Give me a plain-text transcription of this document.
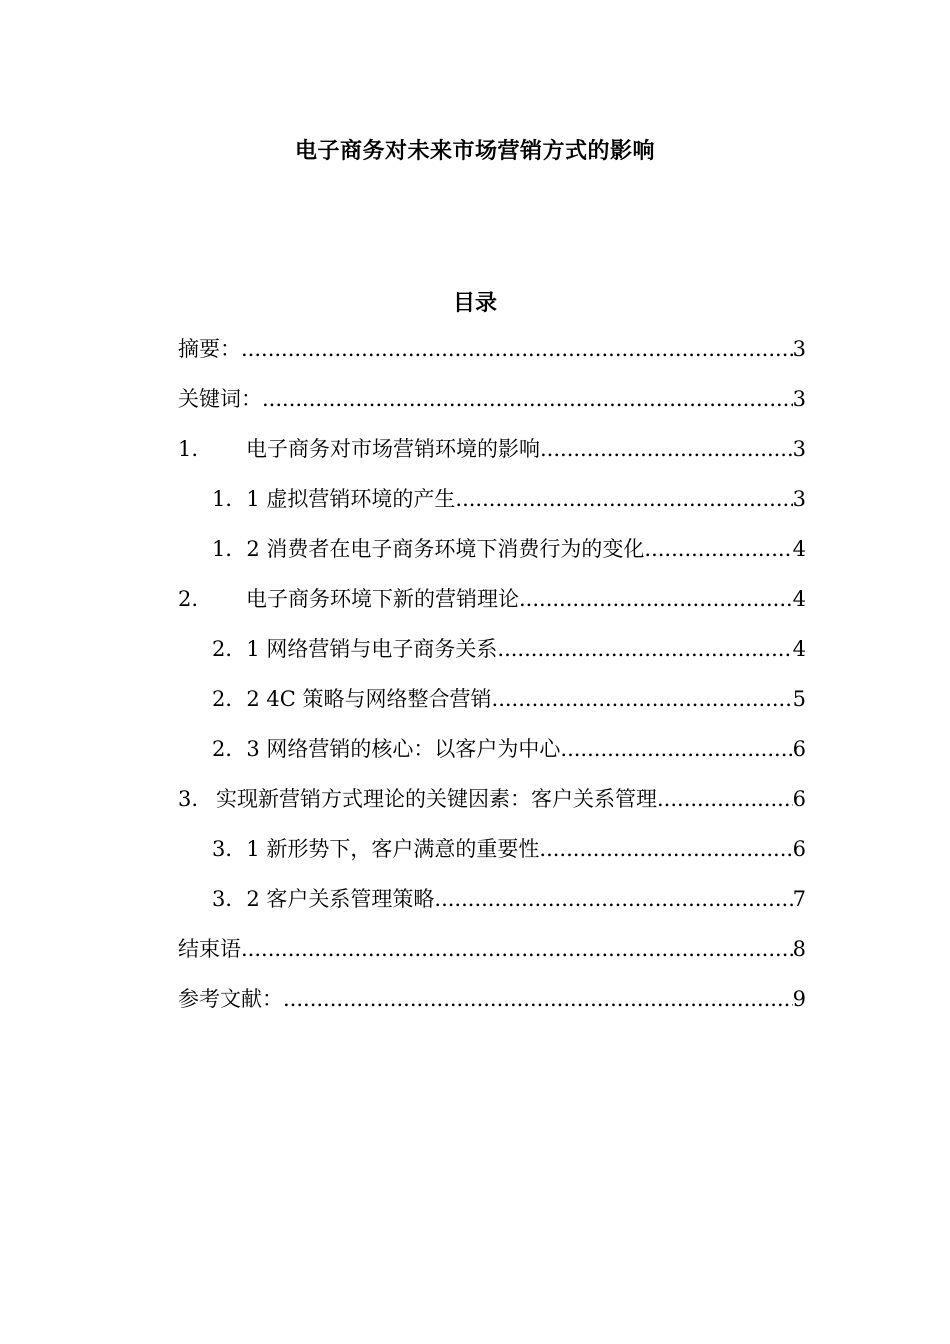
电子商务对未来市场营销方式的影响
目录
摘要： .....	3
关键词： .....	3
1.	电子商务对市场营销环境的影响 .....	3
1．1 虚拟营销环境的产生 .....	3
1．2 消费者在电子商务环境下消费行为的变化 .....	4
2.	电子商务环境下新的营销理论 .....	4
2．1 网络营销与电子商务关系 .....	4
2．2 4C 策略与网络整合营销 .....	5
2．3 网络营销的核心：以客户为中心 .....	6
3. 实现新营销方式理论的关键因素：客户关系管理 .....	6
3．1 新形势下，客户满意的重要性 .....	6
3．2 客户关系管理策略 .....	7
结束语 .....	8
参考文献： .....	9
